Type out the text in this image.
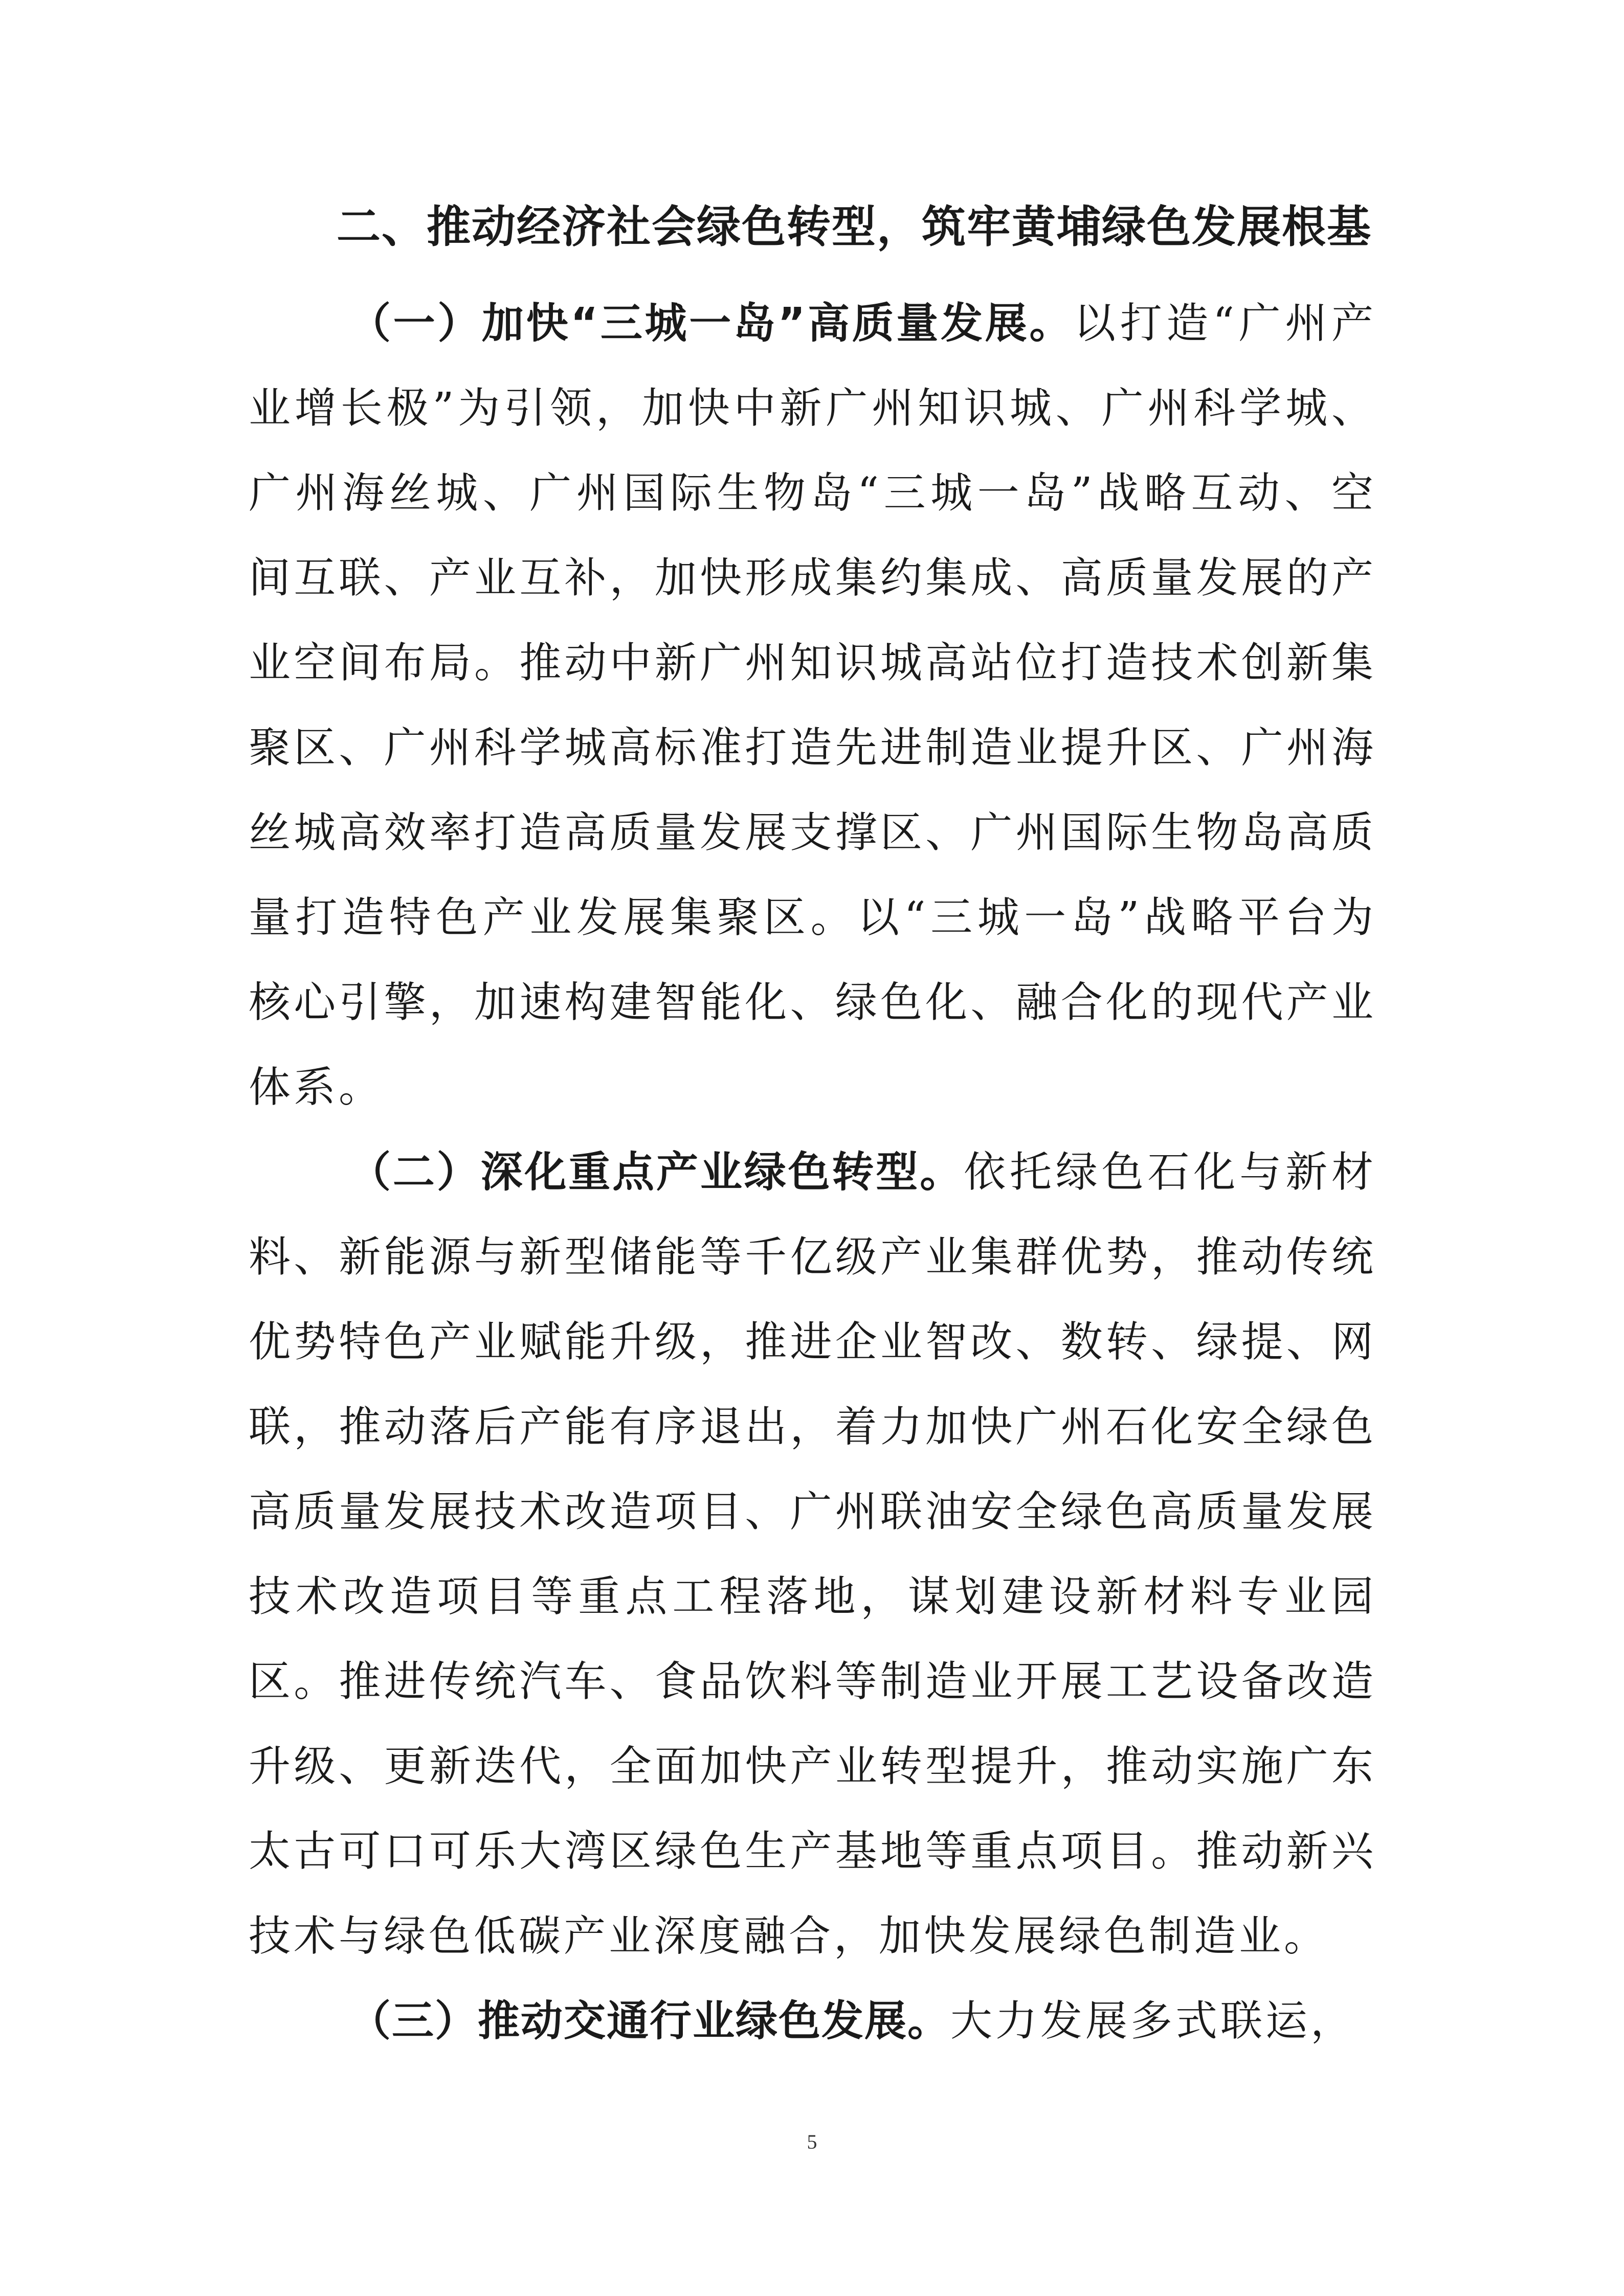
二、推动经济社会绿色转型，筑牢黄埔绿色发展根基

（一）加快“三城一岛”高质量发展。以打造“广州产业增长极”为引领，加快中新广州知识城、广州科学城、广州海丝城、广州国际生物岛“三城一岛”战略互动、空间互联、产业互补，加快形成集约集成、高质量发展的产业空间布局。推动中新广州知识城高站位打造技术创新集聚区、广州科学城高标准打造先进制造业提升区、广州海丝城高效率打造高质量发展支撑区、广州国际生物岛高质量打造特色产业发展集聚区。以“三城一岛”战略平台为核心引擎，加速构建智能化、绿色化、融合化的现代产业体系。

（二）深化重点产业绿色转型。依托绿色石化与新材料、新能源与新型储能等千亿级产业集群优势，推动传统优势特色产业赋能升级，推进企业智改、数转、绿提、网联，推动落后产能有序退出，着力加快广州石化安全绿色高质量发展技术改造项目、广州联油安全绿色高质量发展技术改造项目等重点工程落地，谋划建设新材料专业园区。推进传统汽车、食品饮料等制造业开展工艺设备改造升级、更新迭代，全面加快产业转型提升，推动实施广东太古可口可乐大湾区绿色生产基地等重点项目。推动新兴技术与绿色低碳产业深度融合，加快发展绿色制造业。

（三）推动交通行业绿色发展。大力发展多式联运，

5
